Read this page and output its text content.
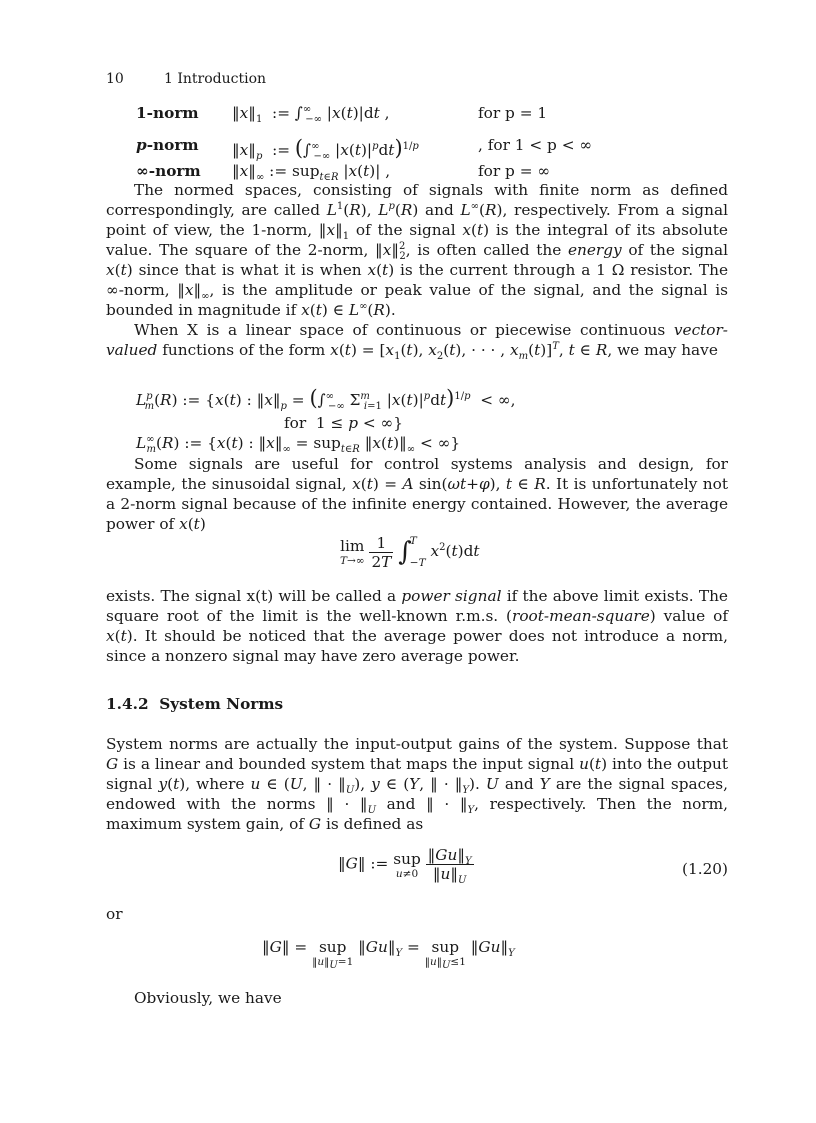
10	1 Introduction
1-norm $‖x‖_1$  := $\int^\infty_{-\infty}$ |x(t)|dt ,	for p = 1
p-norm $‖x‖_p$  := ($\int^\infty_{-\infty}$ $|x(t)|^pdt)^{1/p}$	, for 1 < p < ∞
∞-norm $‖x‖_\infty$ := sup$_{t\in R}$ |x(t)| ,	for p = ∞
The normed spaces, consisting of signals with finite norm as defined correspondingly, are called $L^1(R)$, $L^p(R)$ and L∞(R), respectively. From a signal point of view, the 1-norm, $‖x‖_1$ of the signal x(t) is the integral of its absolute value. The square of the 2-norm, ‖x‖$^2_2$, is often called the energy of the signal x(t) since that is what it is when x(t) is the current through a 1 Ω resistor. The ∞-norm, $‖x‖_\infty$, is the amplitude or peak value of the signal, and the signal is bounded in magnitude if x(t) ∈ L∞(R).
When X is a linear space of continuous or piecewise continuous vector-valued functions of the form $x(t) = [x_1(t)$, $x_2(t)$, · · · , $x_m(t)]^T$, t ∈ R, we may have
$L^p_m(R)$ := {x(t) : $‖x‖_p = (\int^\infty_{-\infty}$ $\Sigma^m_{i=1}$ $|x(t)|^pdt)^{1/p}$  < ∞,
for  1 ≤ p < ∞}
$L^\infty_m(R)$ := {x(t) : $‖x‖_\infty = sup_{t\in R}$ $‖x(t)‖_\infty$ < ∞}
Some signals are useful for control systems analysis and design, for example, the sinusoidal signal, x(t) = A sin(ωt+φ), t ∈ R. It is unfortunately not a 2-norm signal because of the infinite energy contained. However, the average power of x(t)
lim
T→∞
$\frac{1}{2T}$ ∫
T
−T
$x^2(t)dt$
exists. The signal x(t) will be called a power signal if the above limit exists. The square root of the limit is the well-known r.m.s. (root-mean-square) value of x(t). It should be noticed that the average power does not introduce a norm, since a nonzero signal may have zero average power.
1.4.2 System Norms
System norms are actually the input-output gains of the system. Suppose that G is a linear and bounded system that maps the input signal u(t) into the output signal y(t), where u ∈ (U, ‖ · $‖_U$), y ∈ (Y, ‖ · $‖_Y$). U and Y are the signal spaces, endowed with the norms ‖ · $‖_U$ and ‖ · $‖_Y$, respectively. Then the norm, maximum system gain, of G is defined as
‖G‖ := sup
u≠0
$\frac{‖Gu‖_Y}{‖u‖_U}$	(1.20)
or
‖G‖ = sup
$‖u‖_U=1$
$‖Gu‖_Y$ = sup
$‖u‖_U\le 1$
$‖Gu‖_Y$
Obviously, we have
